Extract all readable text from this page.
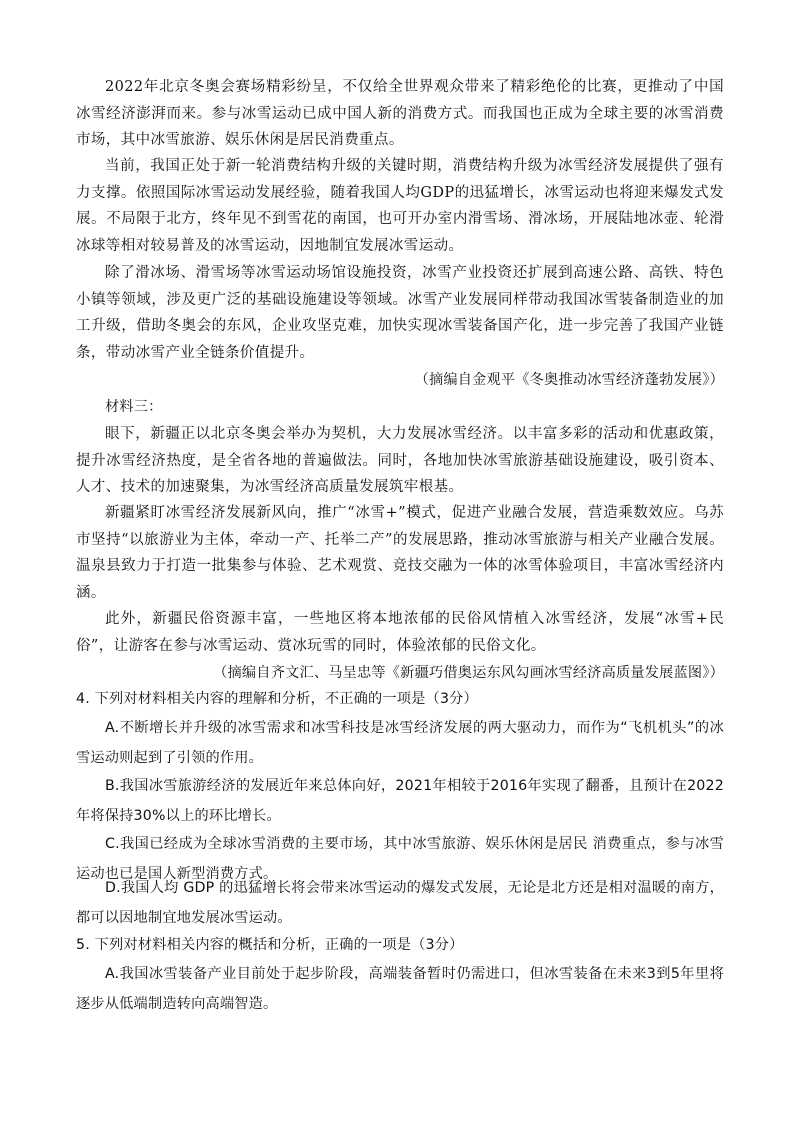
2022年北京冬奥会赛场精彩纷呈，不仅给全世界观众带来了精彩绝伦的比赛，更推动了中国冰雪经济澎湃而来。参与冰雪运动已成中国人新的消费方式。而我国也正成为全球主要的冰雪消费市场，其中冰雪旅游、娱乐休闲是居民消费重点。
当前，我国正处于新一轮消费结构升级的关键时期，消费结构升级为冰雪经济发展提供了强有力支撑。依照国际冰雪运动发展经验，随着我国人均GDP的迅猛增长，冰雪运动也将迎来爆发式发展。不局限于北方，终年见不到雪花的南国，也可开办室内滑雪场、滑冰场，开展陆地冰壶、轮滑冰球等相对较易普及的冰雪运动，因地制宜发展冰雪运动。
除了滑冰场、滑雪场等冰雪运动场馆设施投资，冰雪产业投资还扩展到高速公路、高铁、特色小镇等领域，涉及更广泛的基础设施建设等领域。冰雪产业发展同样带动我国冰雪装备制造业的加工升级，借助冬奥会的东风，企业攻坚克难，加快实现冰雪装备国产化，进一步完善了我国产业链条，带动冰雪产业全链条价值提升。
（摘编自金观平《冬奥推动冰雪经济蓬勃发展》）
材料三：
眼下，新疆正以北京冬奥会举办为契机，大力发展冰雪经济。以丰富多彩的活动和优惠政策，提升冰雪经济热度，是全省各地的普遍做法。同时，各地加快冰雪旅游基础设施建设，吸引资本、人才、技术的加速聚集，为冰雪经济高质量发展筑牢根基。
新疆紧盯冰雪经济发展新风向，推广“冰雪+”模式，促进产业融合发展，营造乘数效应。乌苏市坚持“以旅游业为主体，牵动一产、托举二产”的发展思路，推动冰雪旅游与相关产业融合发展。温泉县致力于打造一批集参与体验、艺术观赏、竞技交融为一体的冰雪体验项目，丰富冰雪经济内涵。
此外，新疆民俗资源丰富，一些地区将本地浓郁的民俗风情植入冰雪经济，发展“冰雪+民俗”，让游客在参与冰雪运动、赏冰玩雪的同时，体验浓郁的民俗文化。
（摘编自齐文汇、马呈忠等《新疆巧借奥运东风勾画冰雪经济高质量发展蓝图》）
4. 下列对材料相关内容的理解和分析，不正确的一项是（3分）
A.不断增长并升级的冰雪需求和冰雪科技是冰雪经济发展的两大驱动力，而作为“飞机机头”的冰雪运动则起到了引领的作用。
B.我国冰雪旅游经济的发展近年来总体向好，2021年相较于2016年实现了翻番，且预计在2022年将保持30%以上的环比增长。
C.我国已经成为全球冰雪消费的主要市场，其中冰雪旅游、娱乐休闲是居民 消费重点，参与冰雪运动也已是国人新型消费方式。
D.我国人均 GDP 的迅猛增长将会带来冰雪运动的爆发式发展，无论是北方还是相对温暖的南方，都可以因地制宜地发展冰雪运动。
5. 下列对材料相关内容的概括和分析，正确的一项是（3分）
A.我国冰雪装备产业目前处于起步阶段，高端装备暂时仍需进口，但冰雪装备在未来3到5年里将逐步从低端制造转向高端智造。
